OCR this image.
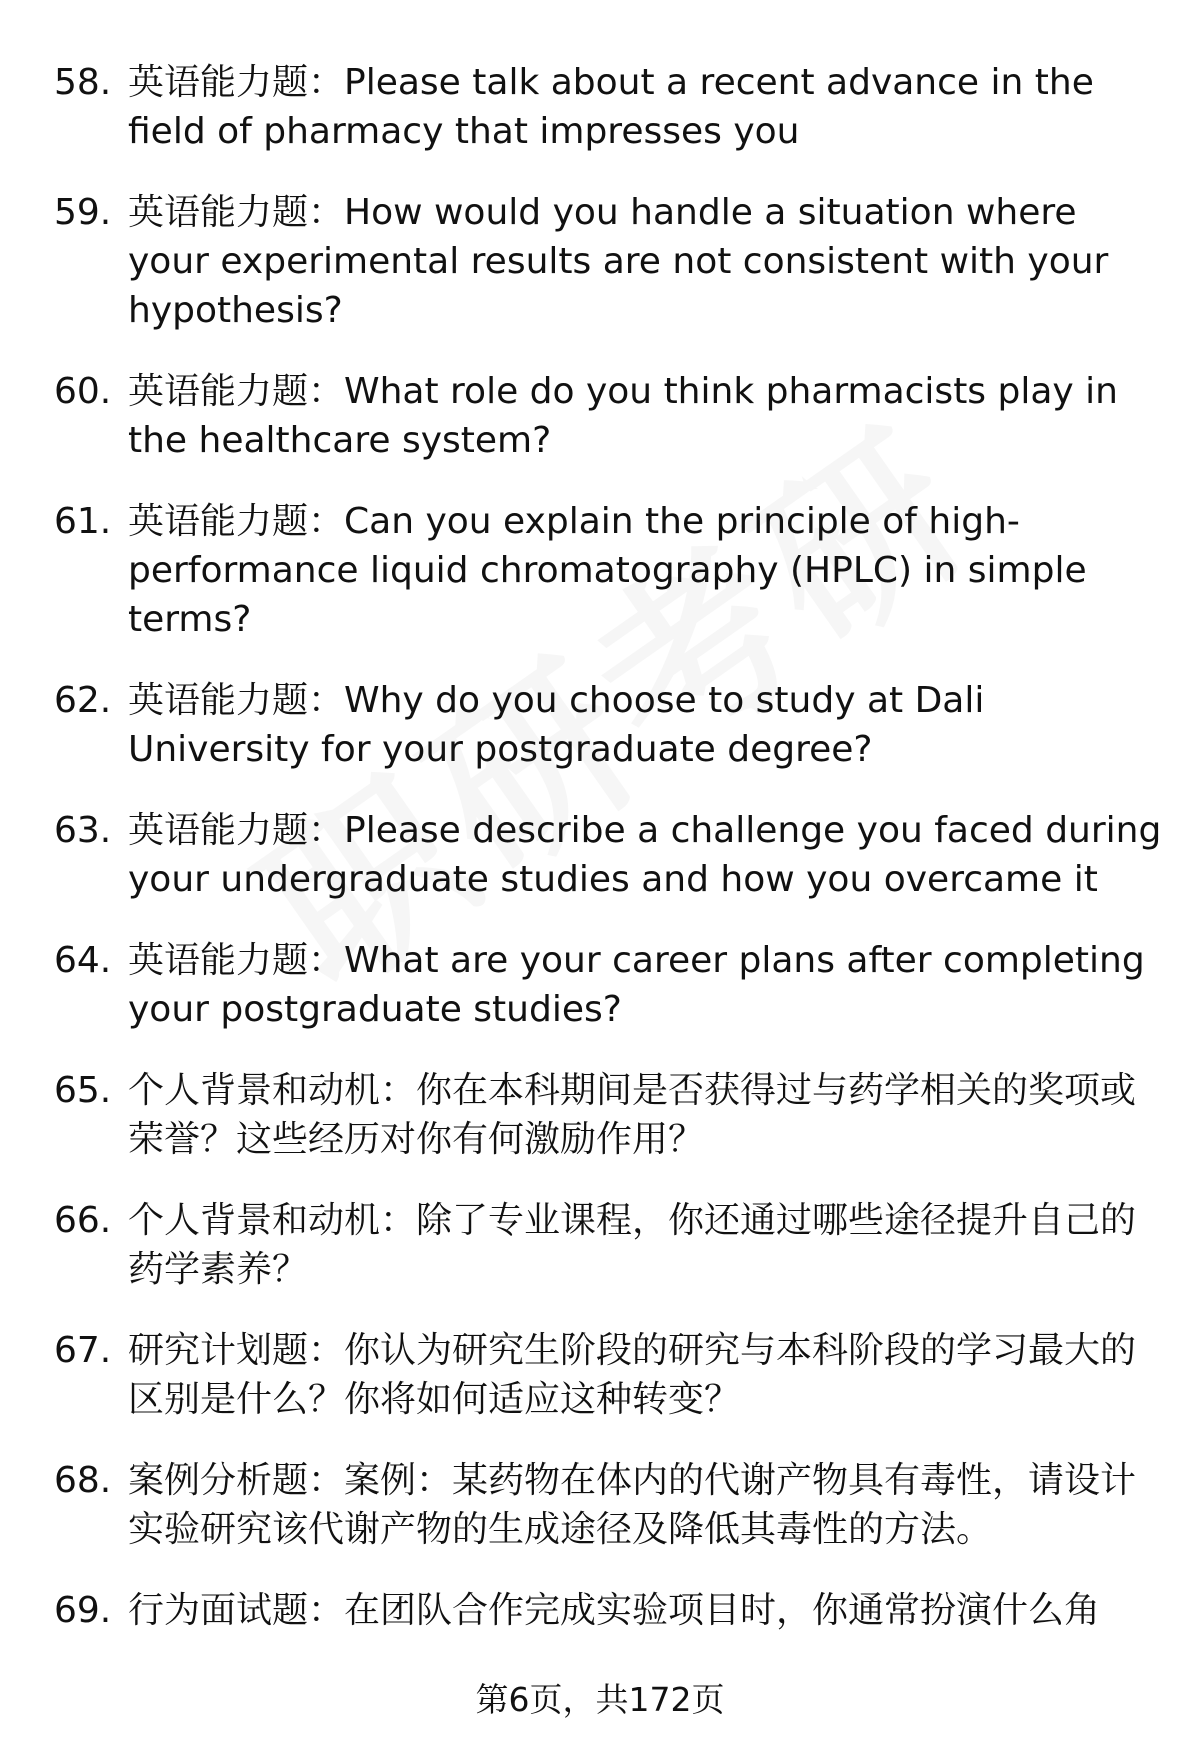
58. 英语能力题：Please talk about a recent advance in the field of pharmacy that impresses you
59. 英语能力题：How would you handle a situation where your experimental results are not consistent with your hypothesis?
60. 英语能力题：What role do you think pharmacists play in the healthcare system?
61. 英语能力题：Can you explain the principle of high-performance liquid chromatography (HPLC) in simple terms?
62. 英语能力题：Why do you choose to study at Dali University for your postgraduate degree?
63. 英语能力题：Please describe a challenge you faced during your undergraduate studies and how you overcame it
64. 英语能力题：What are your career plans after completing your postgraduate studies?
65. 个人背景和动机：你在本科期间是否获得过与药学相关的奖项或荣誉？这些经历对你有何激励作用？
66. 个人背景和动机：除了专业课程，你还通过哪些途径提升自己的药学素养？
67. 研究计划题：你认为研究生阶段的研究与本科阶段的学习最大的区别是什么？你将如何适应这种转变？
68. 案例分析题：案例：某药物在体内的代谢产物具有毒性，请设计实验研究该代谢产物的生成途径及降低其毒性的方法。
69. 行为面试题：在团队合作完成实验项目时，你通常扮演什么角
第6页，共172页
